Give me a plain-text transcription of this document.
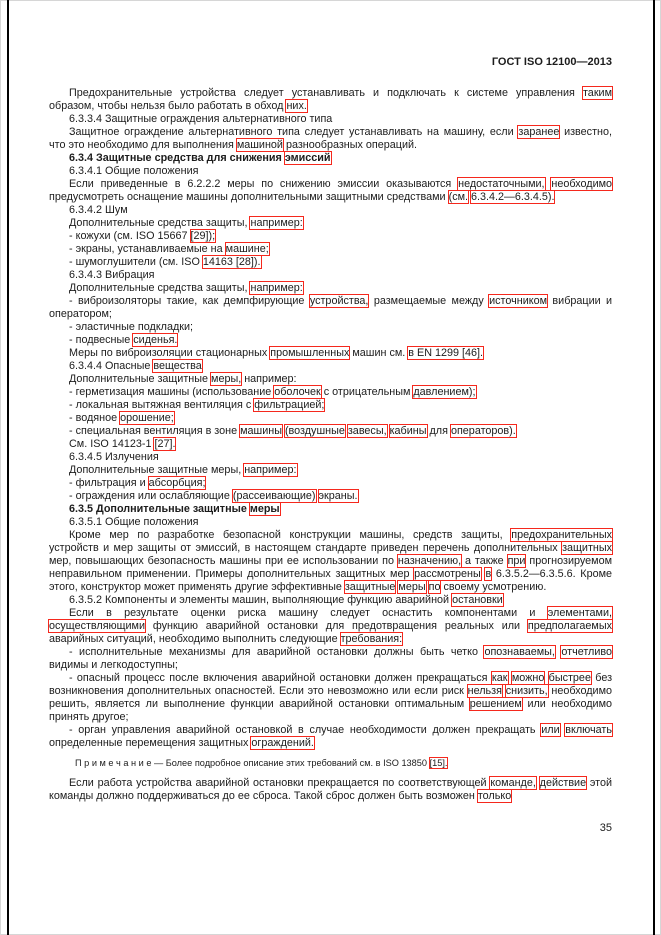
ГОСТ ISO 12100—2013

Предохранительные устройства следует устанавливать и подключать к системе управления таким образом, чтобы нельзя было работать в обход них.

6.3.3.4 Защитные ограждения альтернативного типа

Защитное ограждение альтернативного типа следует устанавливать на машину, если заранее известно, что это необходимо для выполнения машиной разнообразных операций.

6.3.4 Защитные средства для снижения эмиссий

6.3.4.1 Общие положения

Если приведенные в 6.2.2.2 меры по снижению эмиссии оказываются недостаточными, необходимо предусмотреть оснащение машины дополнительными защитными средствами (см. 6.3.4.2—6.3.4.5).

6.3.4.2 Шум

Дополнительные средства защиты, например:

- кожухи (см. ISO 15667 [29]);

- экраны, устанавливаемые на машине;

- шумоглушители (см. ISO 14163 [28]).

6.3.4.3 Вибрация

Дополнительные средства защиты, например:

- виброизоляторы такие, как демпфирующие устройства, размещаемые между источником вибрации и оператором;

- эластичные подкладки;

- подвесные сиденья.

Меры по виброизоляции стационарных промышленных машин см. в EN 1299 [46].

6.3.4.4 Опасные вещества

Дополнительные защитные меры, например:

- герметизация машины (использование оболочек с отрицательным давлением);

- локальная вытяжная вентиляция с фильтрацией;

- водяное орошение;

- специальная вентиляция в зоне машины (воздушные завесы, кабины для операторов).

См. ISO 14123-1 [27].

6.3.4.5 Излучения

Дополнительные защитные меры, например:

- фильтрация и абсорбция;

- ограждения или ослабляющие (рассеивающие) экраны.

6.3.5 Дополнительные защитные меры

6.3.5.1 Общие положения

Кроме мер по разработке безопасной конструкции машины, средств защиты, предохранительных устройств и мер защиты от эмиссий, в настоящем стандарте приведен перечень дополнительных защитных мер, повышающих безопасность машины при ее использовании по назначению, а также при прогнозируемом неправильном применении. Примеры дополнительных защитных мер рассмотрены в 6.3.5.2—6.3.5.6. Кроме этого, конструктор может применять другие эффективные защитные меры по своему усмотрению.

6.3.5.2 Компоненты и элементы машин, выполняющие функцию аварийной остановки

Если в результате оценки риска машину следует оснастить компонентами и элементами, осуществляющими функцию аварийной остановки для предотвращения реальных или предполагаемых аварийных ситуаций, необходимо выполнить следующие требования:

- исполнительные механизмы для аварийной остановки должны быть четко опознаваемы, отчетливо видимы и легкодоступны;

- опасный процесс после включения аварийной остановки должен прекращаться как можно быстрее без возникновения дополнительных опасностей. Если это невозможно или если риск нельзя снизить, необходимо решить, является ли выполнение функции аварийной остановки оптимальным решением или необходимо принять другое;

- орган управления аварийной остановкой в случае необходимости должен прекращать или включать определенные перемещения защитных ограждений.

П р и м е ч а н и е — Более подробное описание этих требований см. в ISO 13850 [15].

Если работа устройства аварийной остановки прекращается по соответствующей команде, действие этой команды должно поддерживаться до ее сброса. Такой сброс должен быть возможен только

35
